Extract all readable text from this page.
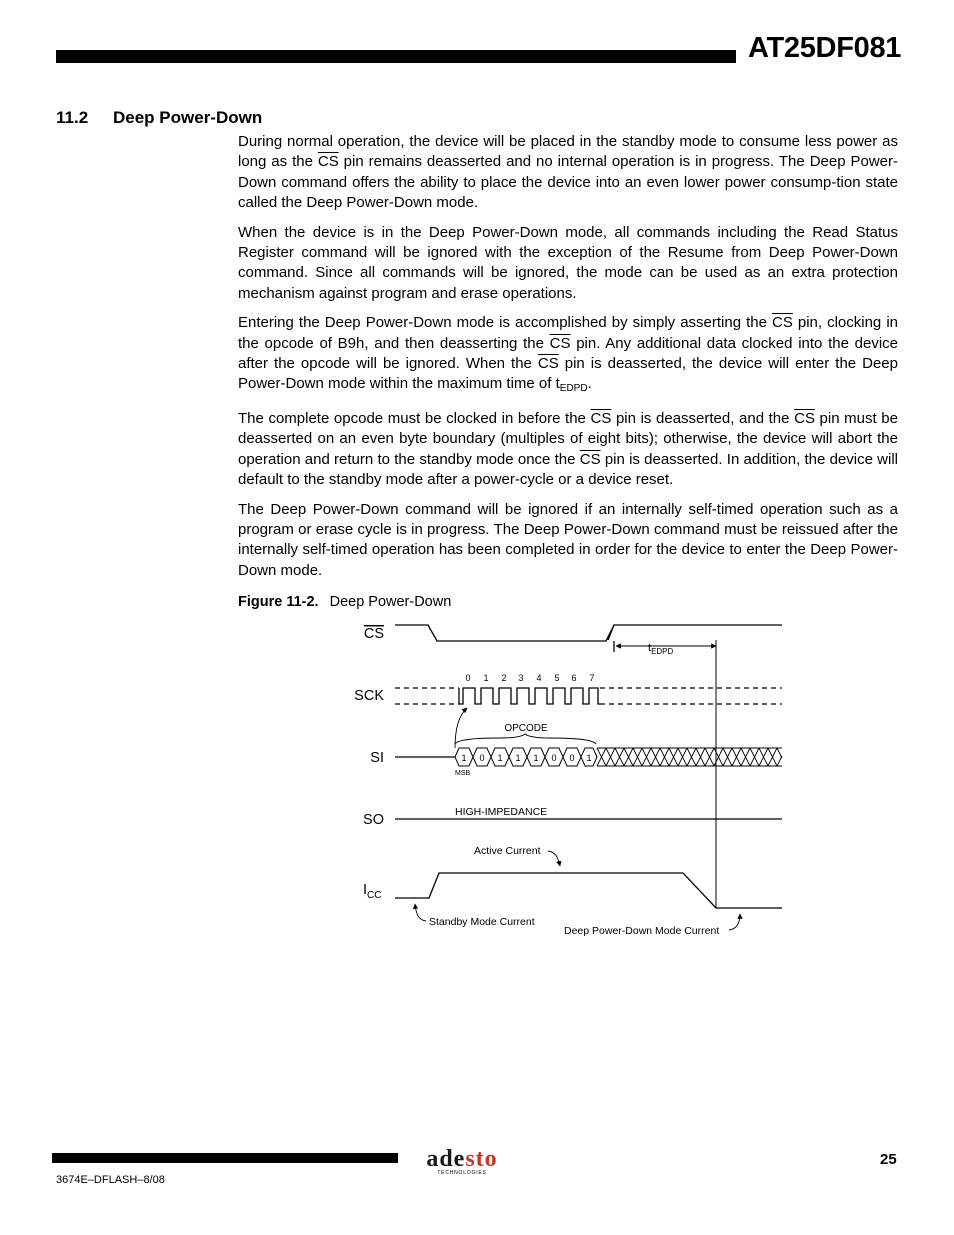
AT25DF081
11.2 Deep Power-Down

During normal operation, the device will be placed in the standby mode to consume less power as long as the $\overline{CS}$ pin remains deasserted and no internal operation is in progress. The Deep Power-Down command offers the ability to place the device into an even lower power consump-tion state called the Deep Power-Down mode.

When the device is in the Deep Power-Down mode, all commands including the Read Status Register command will be ignored with the exception of the Resume from Deep Power-Down command. Since all commands will be ignored, the mode can be used as an extra protection mechanism against program and erase operations.

Entering the Deep Power-Down mode is accomplished by simply asserting the $\overline{CS}$ pin, clocking in the opcode of B9h, and then deasserting the $\overline{CS}$ pin. Any additional data clocked into the device after the opcode will be ignored. When the $\overline{CS}$ pin is deasserted, the device will enter the Deep Power-Down mode within the maximum time of $t_{EDPD}$.

The complete opcode must be clocked in before the $\overline{CS}$ pin is deasserted, and the $\overline{CS}$ pin must be deasserted on an even byte boundary (multiples of eight bits); otherwise, the device will abort the operation and return to the standby mode once the $\overline{CS}$ pin is deasserted. In addition, the device will default to the standby mode after a power-cycle or a device reset.

The Deep Power-Down command will be ignored if an internally self-timed operation such as a program or erase cycle is in progress. The Deep Power-Down command must be reissued after the internally self-timed operation has been completed in order for the device to enter the Deep Power-Down mode.

Figure 11-2. Deep Power-Down
CS
SCK
SI
SO
$I_{CC}$
$t_{EDPD}$
0 1 2 3 4 5 6 7
OPCODE
1 0 1 1 1 0 0 1
MSB
HIGH-IMPEDANCE
Active Current
Standby Mode Current
Deep Power-Down Mode Current
3674E–DFLASH–8/08
adesto
TECHNOLOGIES
25
